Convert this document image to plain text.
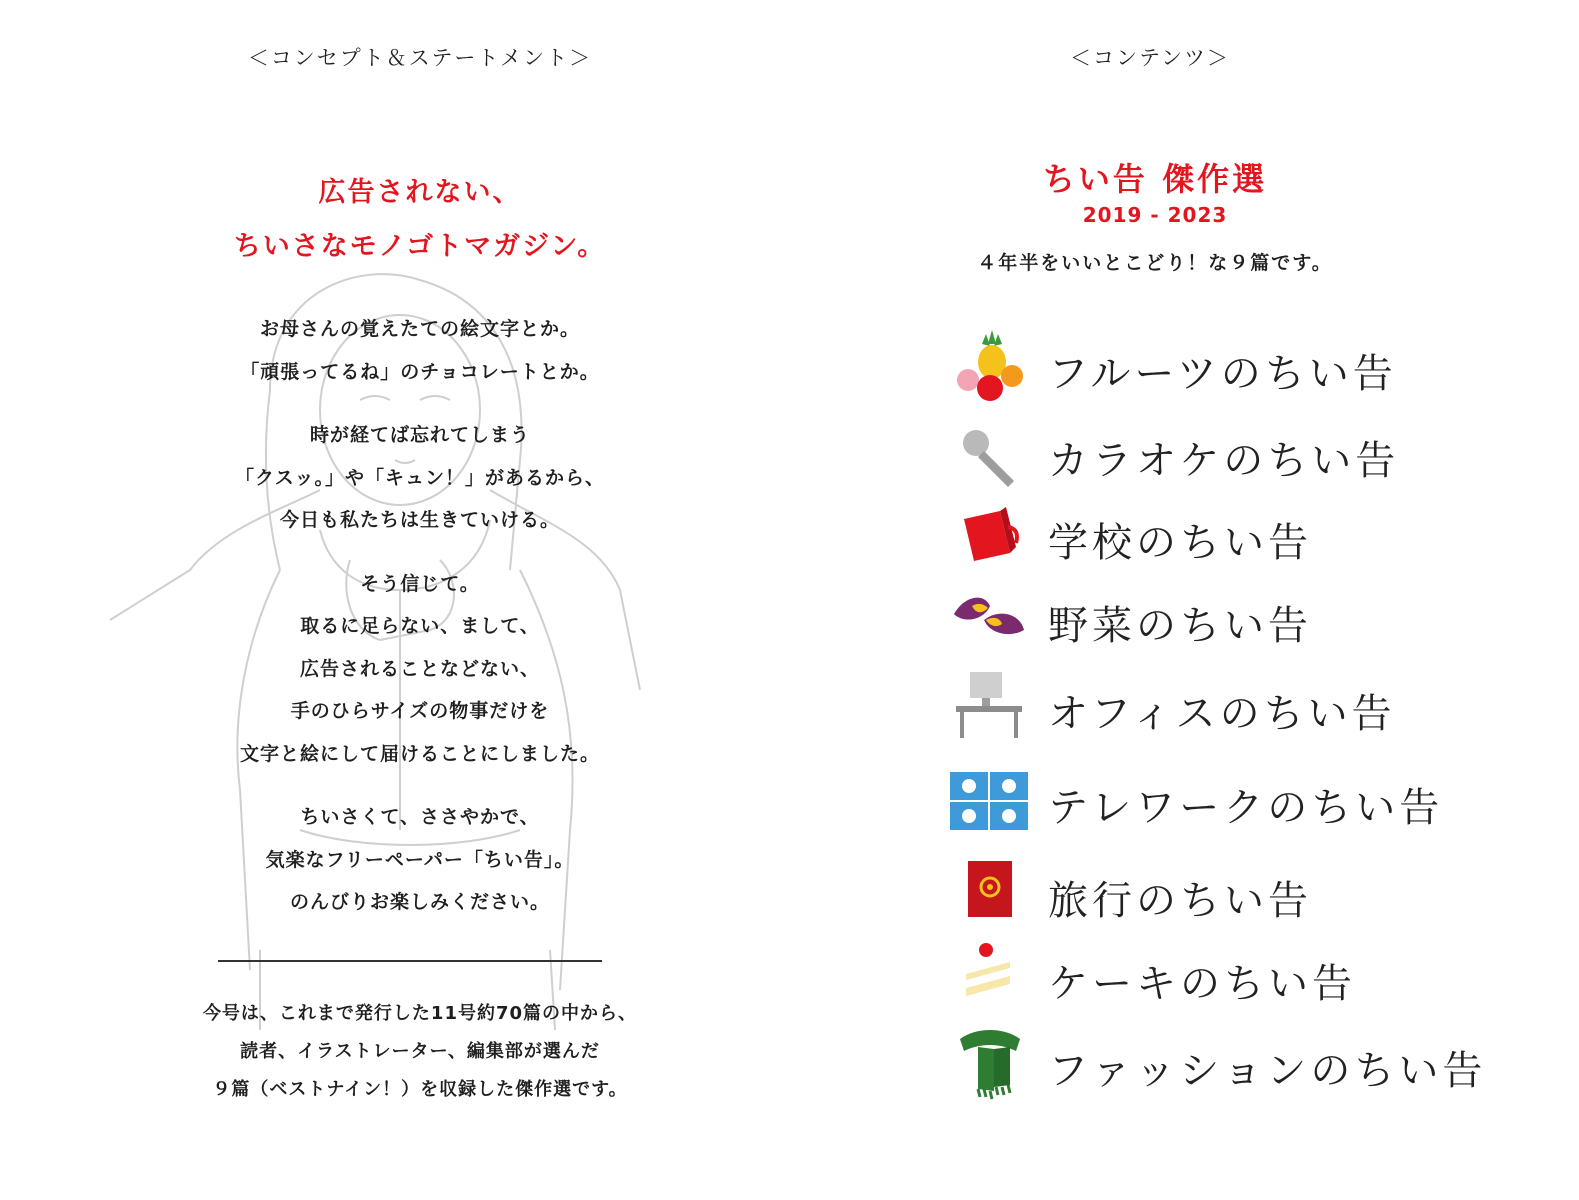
＜コンセプト＆ステートメント＞
広告されない、
ちいさなモノゴトマガジン。

お母さんの覚えたての絵文字とか。
「頑張ってるね」のチョコレートとか。

時が経てば忘れてしまう
「クスッ。」や「キュン！」があるから、
今日も私たちは生きていける。

そう信じて。
取るに足らない、まして、
広告されることなどない、
手のひらサイズの物事だけを
文字と絵にして届けることにしました。

ちいさくて、ささやかで、
気楽なフリーペーパー「ちい告」。
のんびりお楽しみください。

今号は、これまで発行した11号約70篇の中から、
読者、イラストレーター、編集部が選んだ
９篇（ベストナイン！）を収録した傑作選です。
＜コンテンツ＞
ちい告 傑作選
2019 - 2023
４年半をいいとこどり！な９篇です。
フルーツのちい告
カラオケのちい告
学校のちい告
野菜のちい告
オフィスのちい告
テレワークのちい告
旅行のちい告
ケーキのちい告
ファッションのちい告
